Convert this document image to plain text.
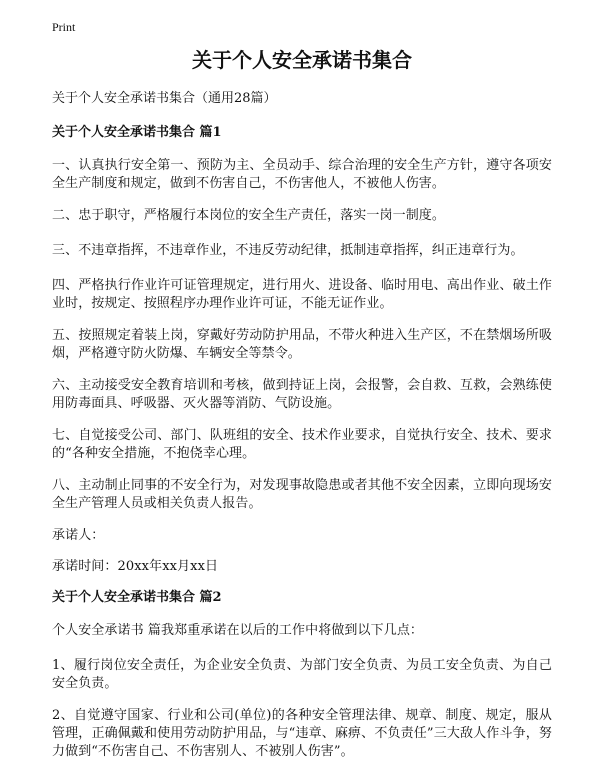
Print
关于个人安全承诺书集合

关于个人安全承诺书集合（通用28篇）

关于个人安全承诺书集合 篇1

一、认真执行安全第一、预防为主、全员动手、综合治理的安全生产方针，遵守各项安全生产制度和规定，做到不伤害自己，不伤害他人，不被他人伤害。

二、忠于职守，严格履行本岗位的安全生产责任，落实一岗一制度。

三、不违章指挥，不违章作业，不违反劳动纪律，抵制违章指挥，纠正违章行为。

四、严格执行作业许可证管理规定，进行用火、进设备、临时用电、高出作业、破土作业时，按规定、按照程序办理作业许可证，不能无证作业。

五、按照规定着装上岗，穿戴好劳动防护用品，不带火种进入生产区，不在禁烟场所吸烟，严格遵守防火防爆、车辆安全等禁令。

六、主动接受安全教育培训和考核，做到持证上岗，会报警，会自救、互救，会熟练使用防毒面具、呼吸器、灭火器等消防、气防设施。

七、自觉接受公司、部门、队班组的安全、技术作业要求，自觉执行安全、技术、要求的“各种安全措施，不抱侥幸心理。

八、主动制止同事的不安全行为，对发现事故隐患或者其他不安全因素，立即向现场安全生产管理人员或相关负责人报告。

承诺人：

承诺时间：20xx年xx月xx日

关于个人安全承诺书集合 篇2

个人安全承诺书 篇我郑重承诺在以后的工作中将做到以下几点：

1、履行岗位安全责任，为企业安全负责、为部门安全负责、为员工安全负责、为自己安全负责。

2、自觉遵守国家、行业和公司(单位)的各种安全管理法律、规章、制度、规定，服从管理，正确佩戴和使用劳动防护用品，与“违章、麻痹、不负责任”三大敌人作斗争，努力做到“不伤害自己、不伤害别人、不被别人伤害”。
